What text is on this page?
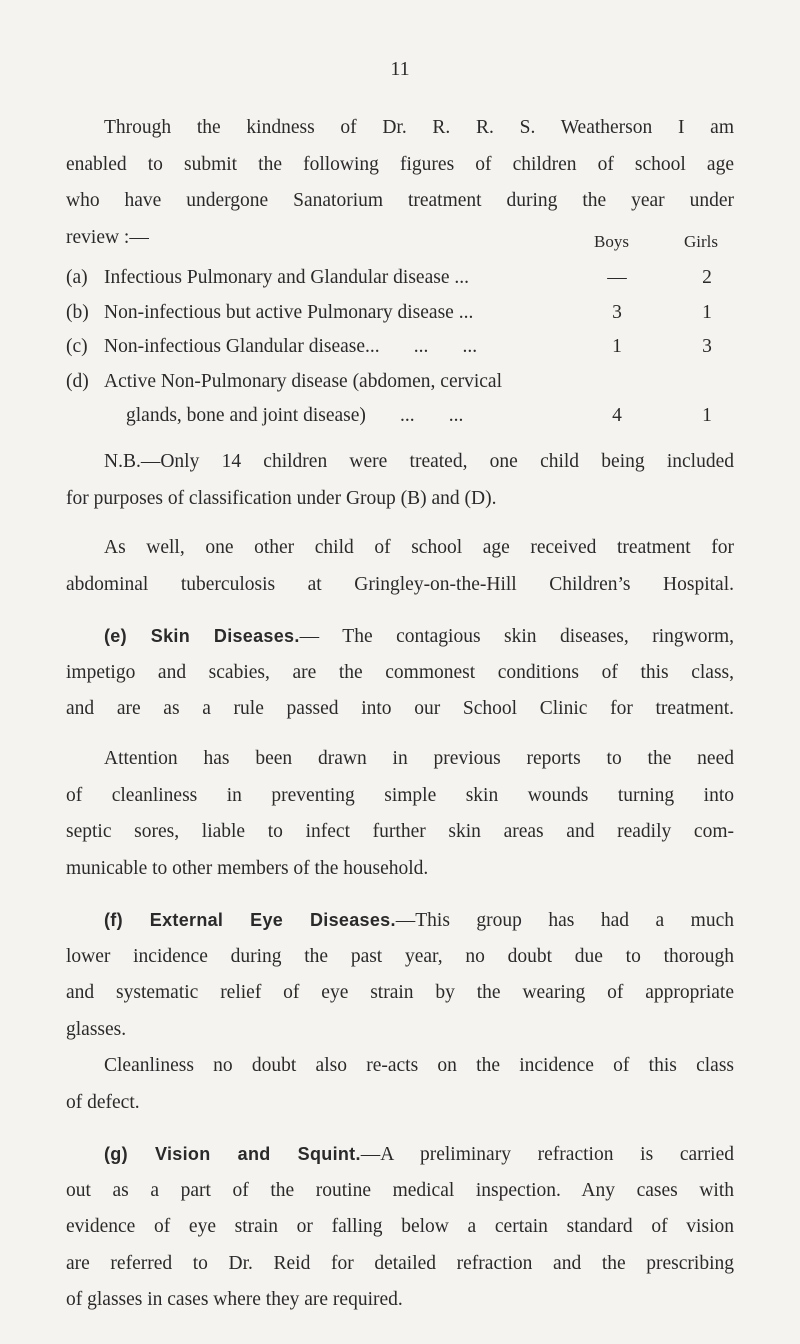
11
Through the kindness of Dr. R. R. S. Weatherson I am
enabled to submit the following figures of children of school age
who have undergone Sanatorium treatment during the year under
review :—	Boys	Girls
(a) Infectious Pulmonary and Glandular disease ...	—	2
(b) Non-infectious but active Pulmonary disease ...	3	1
(c) Non-infectious Glandular disease...       ...       ...	1	3
(d) Active Non-Pulmonary disease (abdomen, cervical
glands, bone and joint disease)       ...       ...	4	1
N.B.—Only 14 children were treated, one child being included
for purposes of classification under Group (B) and (D).
As well, one other child of school age received treatment for
abdominal tuberculosis at Gringley-on-the-Hill Children’s Hospital.
(e) Skin Diseases.— The contagious skin diseases, ringworm,
impetigo and scabies, are the commonest conditions of this class,
and are as a rule passed into our School Clinic for treatment.
Attention has been drawn in previous reports to the need
of cleanliness in preventing simple skin wounds turning into
septic sores, liable to infect further skin areas and readily com-
municable to other members of the household.
(f) External Eye Diseases.—This group has had a much
lower incidence during the past year, no doubt due to thorough
and systematic relief of eye strain by the wearing of appropriate
glasses.
Cleanliness no doubt also re-acts on the incidence of this class
of defect.
(g) Vision and Squint.—A preliminary refraction is carried
out as a part of the routine medical inspection. Any cases with
evidence of eye strain or falling below a certain standard of vision
are referred to Dr. Reid for detailed refraction and the prescribing
of glasses in cases where they are required.
